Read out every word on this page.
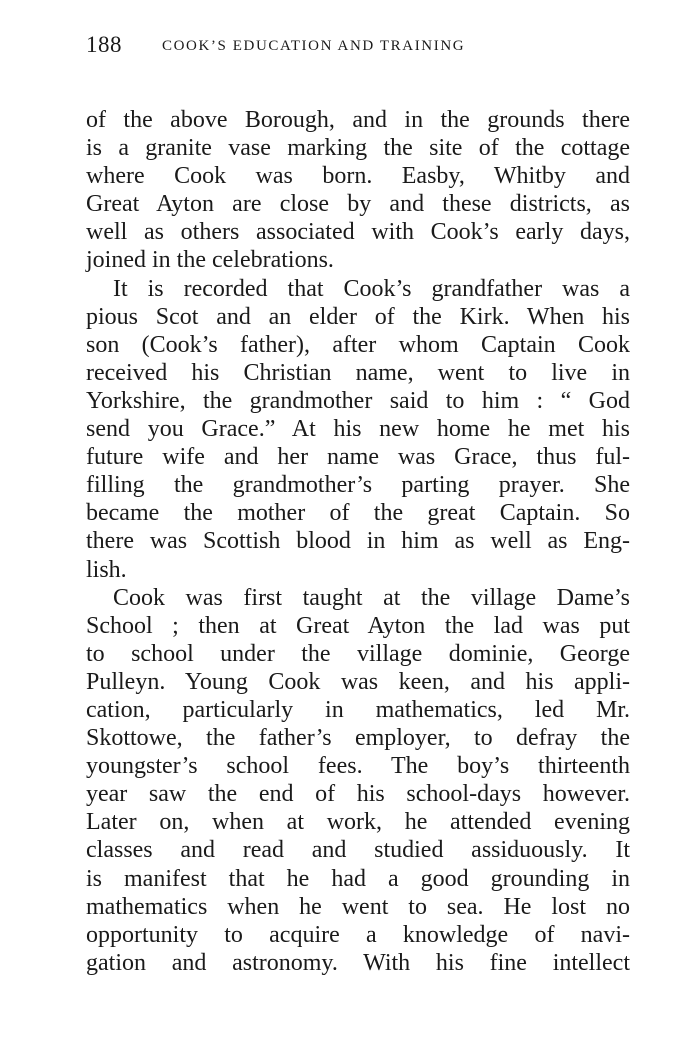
188	COOK’S EDUCATION AND TRAINING
of the above Borough, and in the grounds there
is a granite vase marking the site of the cottage
where Cook was born. Easby, Whitby and
Great Ayton are close by and these districts, as
well as others associated with Cook’s early days,
joined in the celebrations.
It is recorded that Cook’s grandfather was a
pious Scot and an elder of the Kirk. When his
son (Cook’s father), after whom Captain Cook
received his Christian name, went to live in
Yorkshire, the grandmother said to him : “ God
send you Grace.” At his new home he met his
future wife and her name was Grace, thus ful-
filling the grandmother’s parting prayer. She
became the mother of the great Captain. So
there was Scottish blood in him as well as Eng-
lish.
Cook was first taught at the village Dame’s
School ; then at Great Ayton the lad was put
to school under the village dominie, George
Pulleyn. Young Cook was keen, and his appli-
cation, particularly in mathematics, led Mr.
Skottowe, the father’s employer, to defray the
youngster’s school fees. The boy’s thirteenth
year saw the end of his school-days however.
Later on, when at work, he attended evening
classes and read and studied assiduously. It
is manifest that he had a good grounding in
mathematics when he went to sea. He lost no
opportunity to acquire a knowledge of navi-
gation and astronomy. With his fine intellect
